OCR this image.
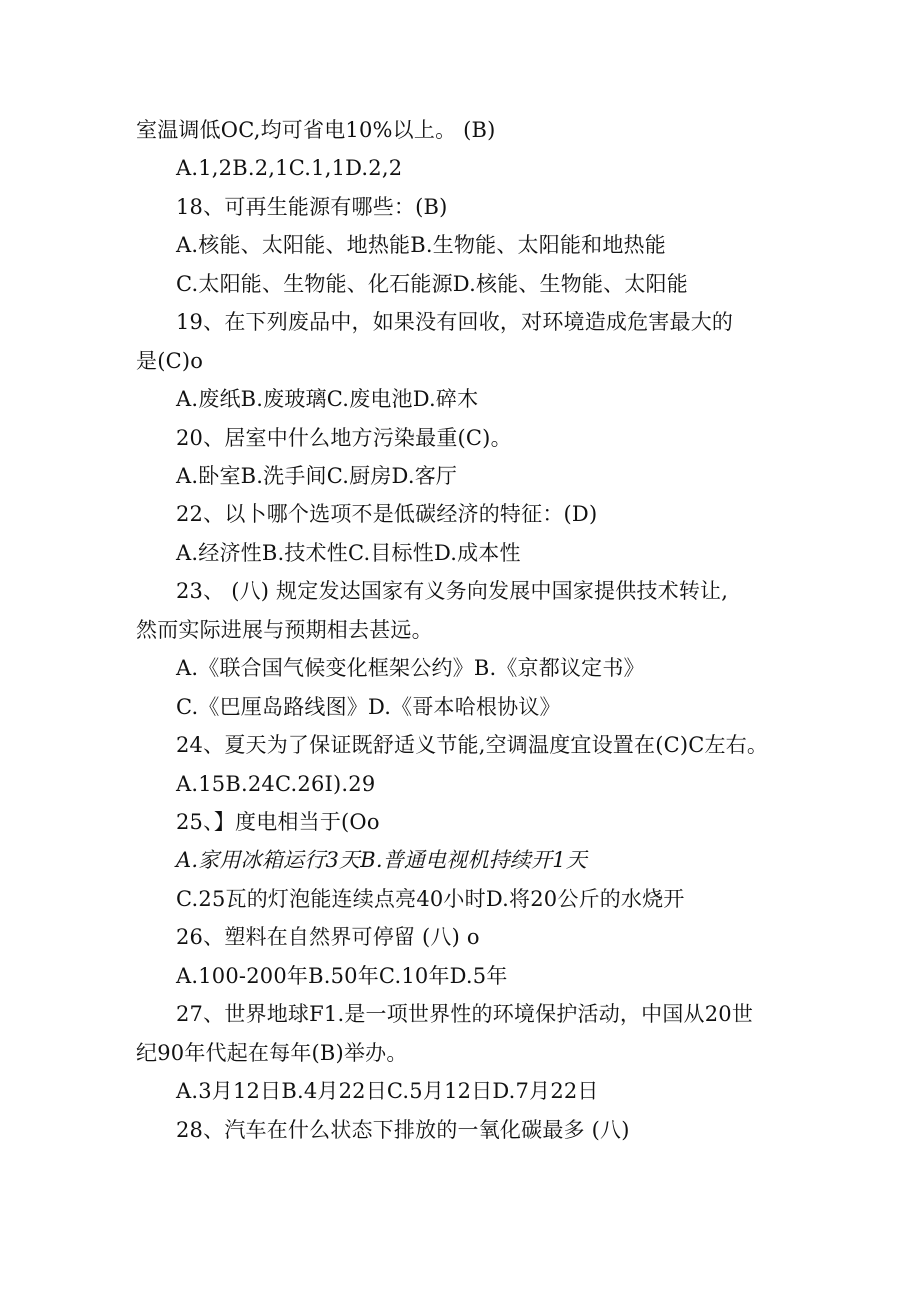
室温调低OC,均可省电10%以上。 (B)
A.1,2B.2,1C.1,1D.2,2
18、可再生能源有哪些：(B)
A.核能、太阳能、地热能B.生物能、太阳能和地热能
C.太阳能、生物能、化石能源D.核能、生物能、太阳能
19、在下列废品中，如果没有回收，对环境造成危害最大的
是(C)o
A.废纸B.废玻璃C.废电池D.碎木
20、居室中什么地方污染最重(C)。
A.卧室B.洗手间C.厨房D.客厅
22、以卜哪个选项不是低碳经济的特征：(D)
A.经济性B.技术性C.目标性D.成本性
23、 (八) 规定发达国家有义务向发展中国家提供技术转让,
然而实际进展与预期相去甚远。
A.《联合国气候变化框架公约》B.《京都议定书》
C.《巴厘岛路线图》D.《哥本哈根协议》
24、夏天为了保证既舒适义节能,空调温度宜设置在(C)C左右。
A.15B.24C.26I).29
25、】度电相当于(Oo
A.家用冰箱运行3天B.普通电视机持续开1天
C.25瓦的灯泡能连续点亮40小时D.将20公斤的水烧开
26、塑料在自然界可停留 (八) o
A.100-200年B.50年C.10年D.5年
27、世界地球F1.是一项世界性的环境保护活动，中国从20世
纪90年代起在每年(B)举办。
A.3月12日B.4月22日C.5月12日D.7月22日
28、汽车在什么状态下排放的一氧化碳最多 (八)
